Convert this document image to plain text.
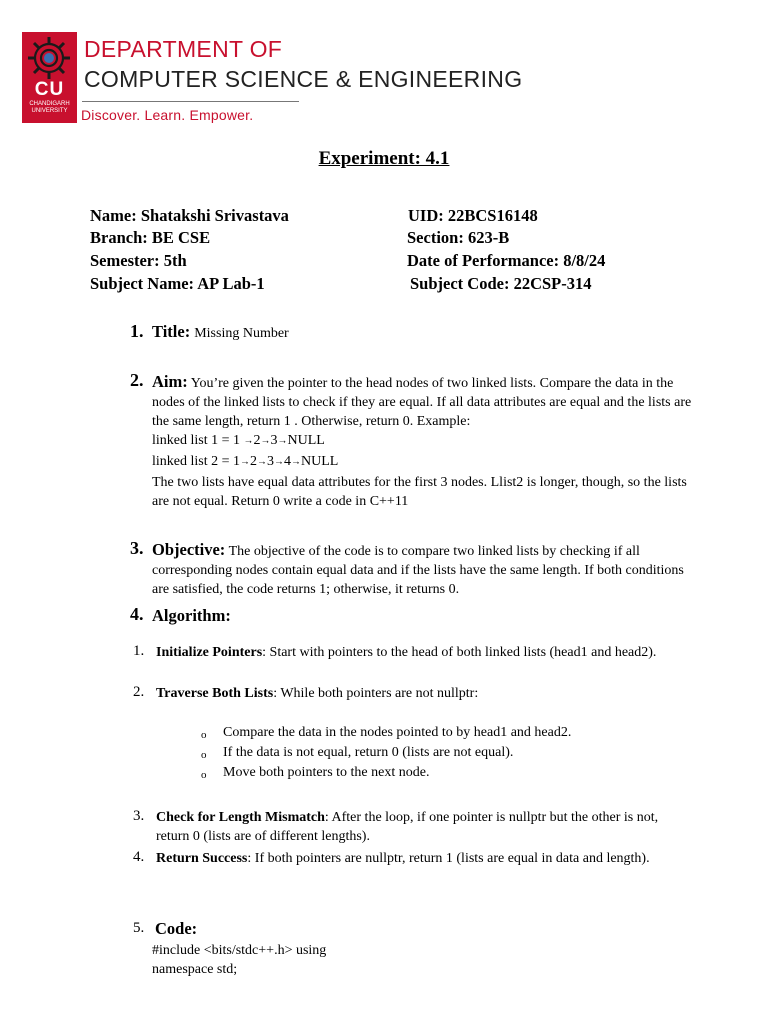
CU
CHANDIGARH UNIVERSITY
DEPARTMENT OF
COMPUTER SCIENCE & ENGINEERING
Discover. Learn. Empower.
Experiment: 4.1
Name: Shatakshi Srivastava	UID: 22BCS16148
Branch: BE CSE	Section: 623-B
Semester: 5th	Date of Performance: 8/8/24
Subject Name: AP Lab-1	Subject Code: 22CSP-314
1. Title: Missing Number
2. Aim: You’re given the pointer to the head nodes of two linked lists. Compare the data in the nodes of the linked lists to check if they are equal. If all data attributes are equal and the lists are the same length, return 1 . Otherwise, return 0. Example:
linked list 1 = 1 →2→3→NULL
linked list 2 = 1→2→3→4→NULL
The two lists have equal data attributes for the first 3 nodes. Llist2 is longer, though, so the lists are not equal. Return 0 write a code in C++11
3. Objective: The objective of the code is to compare two linked lists by checking if all corresponding nodes contain equal data and if the lists have the same length. If both conditions are satisfied, the code returns 1; otherwise, it returns 0.
4. Algorithm:
1. Initialize Pointers: Start with pointers to the head of both linked lists (head1 and head2).
2. Traverse Both Lists: While both pointers are not nullptr:
o Compare the data in the nodes pointed to by head1 and head2.
o If the data is not equal, return 0 (lists are not equal).
o Move both pointers to the next node.
3. Check for Length Mismatch: After the loop, if one pointer is nullptr but the other is not, return 0 (lists are of different lengths).
4. Return Success: If both pointers are nullptr, return 1 (lists are equal in data and length).
5. Code:
#include <bits/stdc++.h> using
namespace std;
